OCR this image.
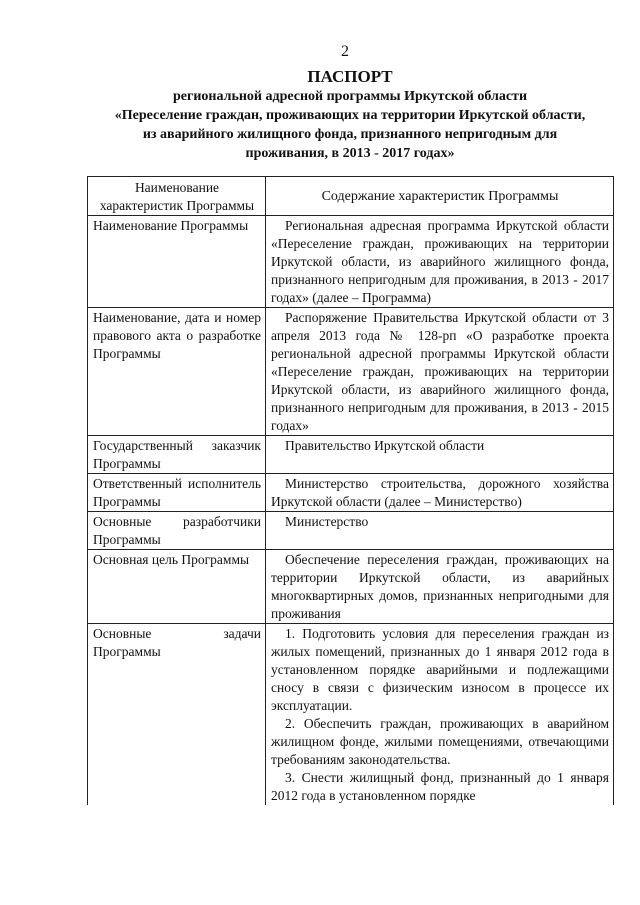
2
ПАСПОРТ
региональной адресной программы Иркутской области
«Переселение граждан, проживающих на территории Иркутской области,
из аварийного жилищного фонда, признанного непригодным для
проживания, в 2013 - 2017 годах»
Наименование характеристик Программы	Содержание характеристик Программы
Наименование Программы	Региональная адресная программа Иркутской области «Переселение граждан, проживающих на территории Иркутской области, из аварийного жилищного фонда, признанного непригодным для проживания, в 2013 - 2017 годах» (далее – Программа)

Наименование, дата и номер правового акта о разработке Программы	Распоряжение Правительства Иркутской области от 3 апреля 2013 года № 128-рп «О разработке проекта региональной адресной программы Иркутской области «Переселение граждан, проживающих на территории Иркутской области, из аварийного жилищного фонда, признанного непригодным для проживания, в 2013 - 2015 годах»

Государственный заказчик Программы	Правительство Иркутской области

Ответственный исполнитель Программы	Министерство строительства, дорожного хозяйства Иркутской области (далее – Министерство)

Основные разработчики Программы	Министерство

Основная цель Программы	Обеспечение переселения граждан, проживающих на территории Иркутской области, из аварийных многоквартирных домов, признанных непригодными для проживания

Основные задачи Программы	1. Подготовить условия для переселения граждан из жилых помещений, признанных до 1 января 2012 года в установленном порядке аварийными и подлежащими сносу в связи с физическим износом в процессе их эксплуатации.

2. Обеспечить граждан, проживающих в аварийном жилищном фонде, жилыми помещениями, отвечающими требованиям законодательства.

3. Снести жилищный фонд, признанный до 1 января 2012 года в установленном порядке
